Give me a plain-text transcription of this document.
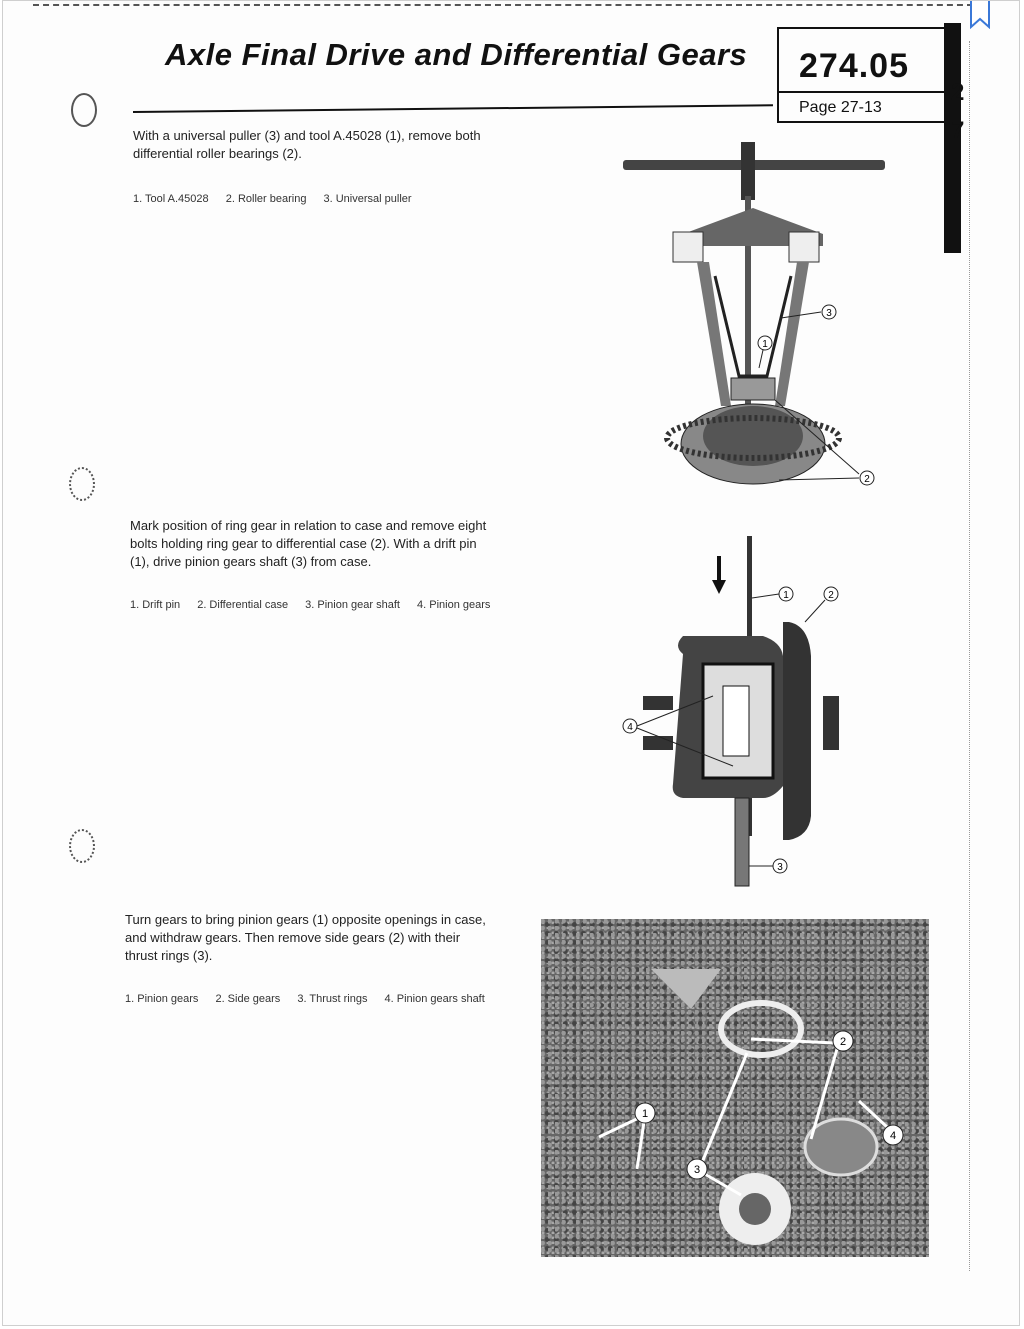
Axle Final Drive and Differential Gears	274.05
Page 27-13
2
7
With a universal puller (3) and tool A.45028 (1), remove both
differential roller bearings (2).
1. Tool A.45028 2. Roller bearing 3. Universal puller
3
1
2
Mark position of ring gear in relation to case and remove eight
bolts holding ring gear to differential case (2). With a drift pin
(1), drive pinion gears shaft (3) from case.
1. Drift pin 2. Differential case 3. Pinion gear shaft 4. Pinion gears
1	2
4
3
Turn gears to bring pinion gears (1) opposite openings in case,
and withdraw gears. Then remove side gears (2) with their
thrust rings (3).
1. Pinion gears 2. Side gears 3. Thrust rings 4. Pinion gears shaft
1
2
3
4
